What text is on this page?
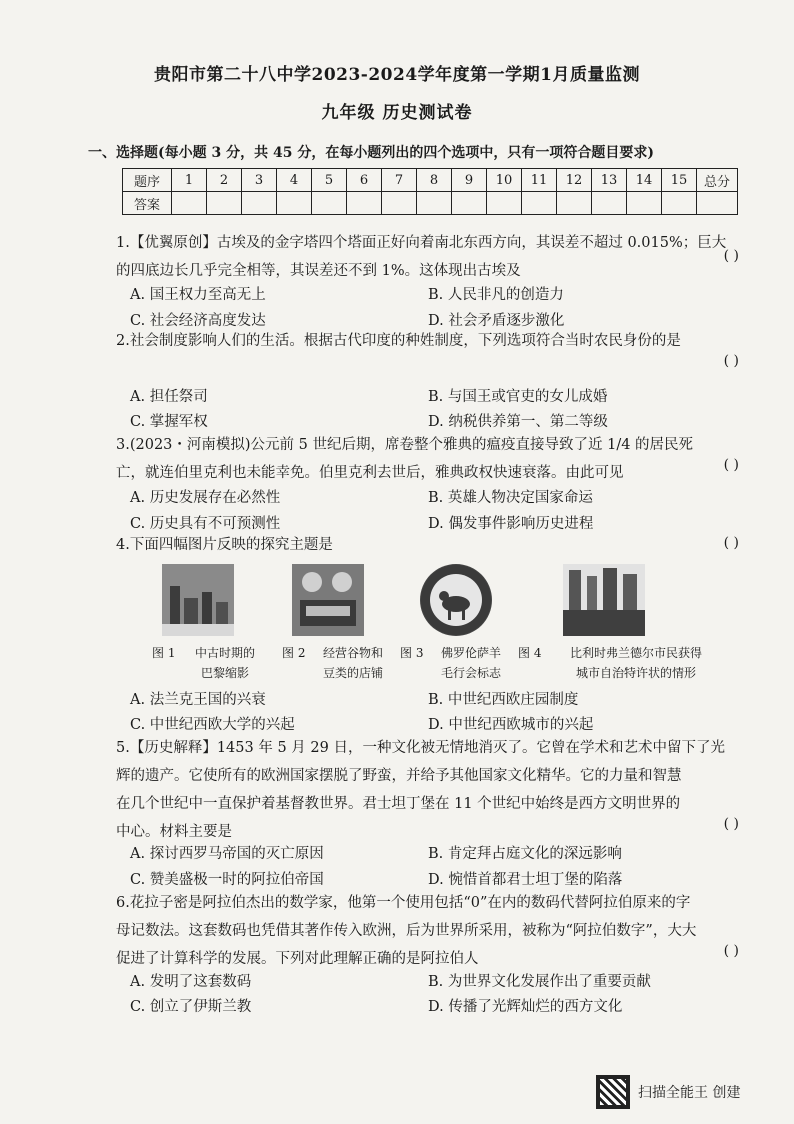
贵阳市第二十八中学2023-2024学年度第一学期1月质量监测
九年级 历史测试卷
一、选择题(每小题 3 分，共 45 分，在每小题列出的四个选项中，只有一项符合题目要求)
题序	1	2	3	4	5	6	7	8	9	10	11	12	13	14	15	总分
答案																
1.【优翼原创】古埃及的金字塔四个塔面正好向着南北东西方向，其误差不超过 0.015%；巨大
的四底边长几乎完全相等，其误差还不到 1%。这体现出古埃及
( )
A. 国王权力至高无上	B. 人民非凡的创造力
C. 社会经济高度发达	D. 社会矛盾逐步激化
2.社会制度影响人们的生活。根据古代印度的种姓制度，下列选项符合当时农民身份的是
( )
A. 担任祭司	B. 与国王或官吏的女儿成婚
C. 掌握军权	D. 纳税供养第一、第二等级
3.(2023・河南模拟)公元前 5 世纪后期，席卷整个雅典的瘟疫直接导致了近 1/4 的居民死
亡，就连伯里克利也未能幸免。伯里克利去世后，雅典政权快速衰落。由此可见	( )
A. 历史发展存在必然性	B. 英雄人物决定国家命运
C. 历史具有不可预测性	D. 偶发事件影响历史进程
4.下面四幅图片反映的探究主题是	( )
图 1	中古时期的
巴黎缩影
图 2	经营谷物和
豆类的店铺
图 3	佛罗伦萨羊
毛行会标志
图 4	比利时弗兰德尔市民获得
城市自治特许状的情形
A. 法兰克王国的兴衰	B. 中世纪西欧庄园制度
C. 中世纪西欧大学的兴起	D. 中世纪西欧城市的兴起
5.【历史解释】1453 年 5 月 29 日，一种文化被无情地消灭了。它曾在学术和艺术中留下了光
辉的遗产。它使所有的欧洲国家摆脱了野蛮，并给予其他国家文化精华。它的力量和智慧
在几个世纪中一直保护着基督教世界。君士坦丁堡在 11 个世纪中始终是西方文明世界的
中心。材料主要是	( )
A. 探讨西罗马帝国的灭亡原因	B. 肯定拜占庭文化的深远影响
C. 赞美盛极一时的阿拉伯帝国	D. 惋惜首都君士坦丁堡的陷落
6.花拉子密是阿拉伯杰出的数学家，他第一个使用包括“0”在内的数码代替阿拉伯原来的字
母记数法。这套数码也凭借其著作传入欧洲，后为世界所采用，被称为“阿拉伯数字”，大大
促进了计算科学的发展。下列对此理解正确的是阿拉伯人	( )
A. 发明了这套数码	B. 为世界文化发展作出了重要贡献
C. 创立了伊斯兰教	D. 传播了光辉灿烂的西方文化
扫描全能王 创建
